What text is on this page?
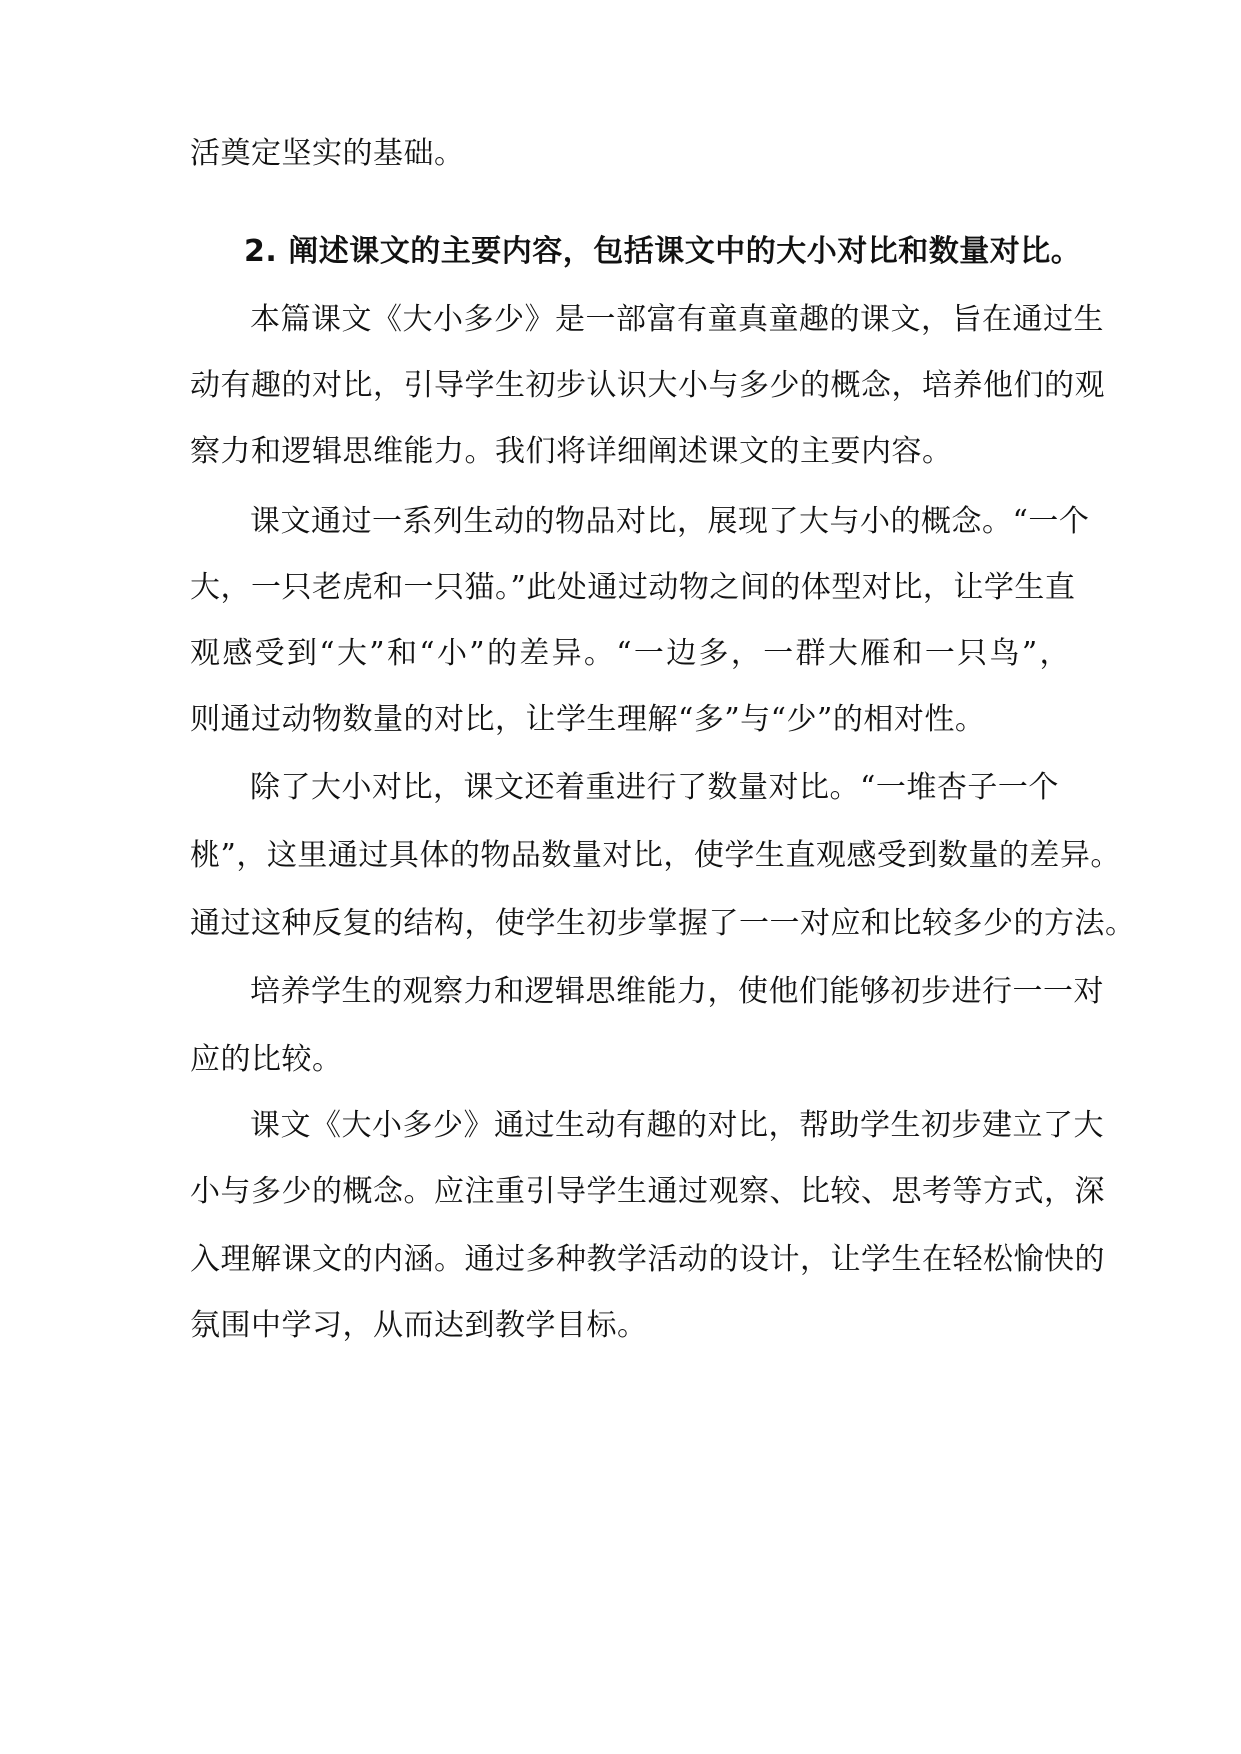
活奠定坚实的基础。
2. 阐述课文的主要内容，包括课文中的大小对比和数量对比。
本篇课文《大小多少》是一部富有童真童趣的课文，旨在通过生
动有趣的对比，引导学生初步认识大小与多少的概念，培养他们的观
察力和逻辑思维能力。我们将详细阐述课文的主要内容。
课文通过一系列生动的物品对比，展现了大与小的概念。“一个
大，一只老虎和一只猫。”此处通过动物之间的体型对比，让学生直
观感受到“大”和“小”的差异。“一边多，一群大雁和一只鸟”，
则通过动物数量的对比，让学生理解“多”与“少”的相对性。
除了大小对比，课文还着重进行了数量对比。“一堆杏子一个
桃”，这里通过具体的物品数量对比，使学生直观感受到数量的差异。
通过这种反复的结构，使学生初步掌握了一一对应和比较多少的方法。
培养学生的观察力和逻辑思维能力，使他们能够初步进行一一对
应的比较。
课文《大小多少》通过生动有趣的对比，帮助学生初步建立了大
小与多少的概念。应注重引导学生通过观察、比较、思考等方式，深
入理解课文的内涵。通过多种教学活动的设计，让学生在轻松愉快的
氛围中学习，从而达到教学目标。
